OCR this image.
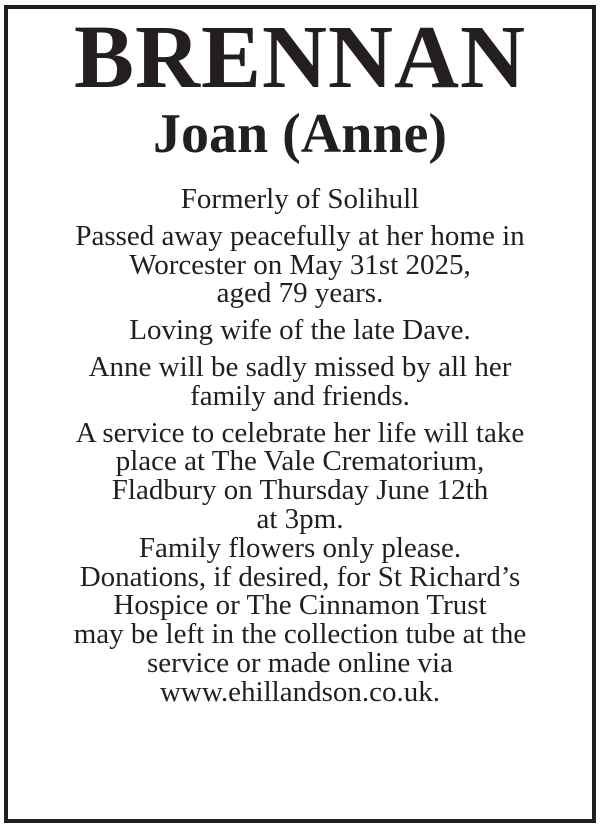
BRENNAN
Joan (Anne)

Formerly of Solihull

Passed away peacefully at her home in
Worcester on May 31st 2025,
aged 79 years.

Loving wife of the late Dave.

Anne will be sadly missed by all her
family and friends.

A service to celebrate her life will take
place at The Vale Crematorium,
Fladbury on Thursday June 12th
at 3pm.

Family flowers only please.
Donations, if desired, for St Richard’s
Hospice or The Cinnamon Trust
may be left in the collection tube at the
service or made online via
www.ehillandson.co.uk.
